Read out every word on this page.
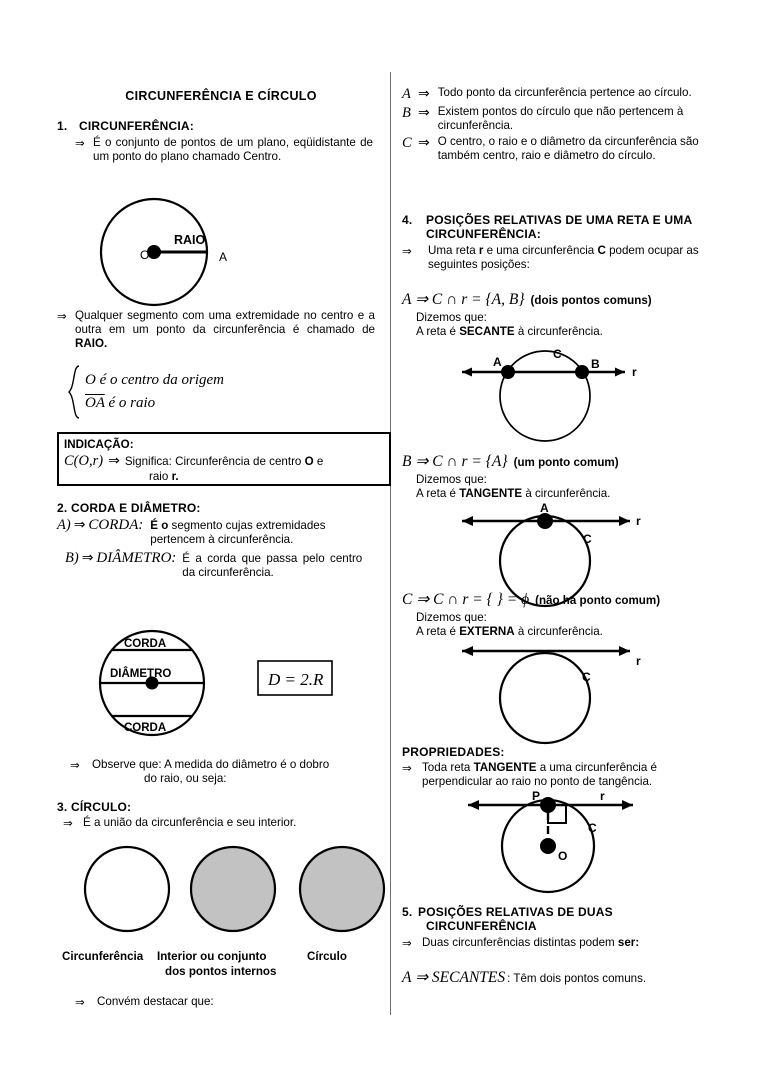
CIRCUNFERÊNCIA E CÍRCULO
1. CIRCUNFERÊNCIA:
⇒ É o conjunto de pontos de um plano, eqüidistante de um ponto do plano chamado Centro.
O
RAIO
A
⇒ Qualquer segmento com uma extremidade no centro e a outra em um ponto da circunferência é chamado de RAIO.
O é o centro da origem
$\overline{OA}$ é o raio
INDICAÇÃO:
C(O,r) ⇒ Significa: Circunferência de centro O e
raio r.
2. CORDA E DIÂMETRO:
A) ⇒ CORDA : É o segmento cujas extremidades pertencem à circunferência.
B) ⇒ DIÂMETRO : É a corda que passa pelo centro da circunferência.
CORDA
DIÂMETRO
CORDA
D = 2.R
⇒	Observe que: A medida do diâmetro é o dobro
do raio, ou seja:
3. CÍRCULO:
⇒ É a união da circunferência e seu interior.
Circunferência Interior ou conjunto
dos pontos internos
Círculo
⇒	Convém destacar que:
A ⇒ Todo ponto da circunferência pertence ao círculo.
B ⇒ Existem pontos do círculo que não pertencem à circunferência.
C ⇒ O centro, o raio e o diâmetro da circunferência são também centro, raio e diâmetro do círculo.
4.	POSIÇÕES RELATIVAS DE UMA RETA E UMA
CIRCUNFERÊNCIA:
⇒	Uma reta r e uma circunferência C podem ocupar as seguintes posições:
A ⇒ C ∩ r = {A, B} (dois pontos comuns)
Dizemos que:
A reta é SECANTE à circunferência.
A	B
C
r
B ⇒ C ∩ r = {A} (um ponto comum)
Dizemos que:
A reta é TANGENTE à circunferência.
A
C
r
C ⇒ C ∩ r = { } = ϕ (não há ponto comum)
Dizemos que:
A reta é EXTERNA à circunferência.
r
C
PROPRIEDADES:
⇒ Toda reta TANGENTE a uma circunferência é perpendicular ao raio no ponto de tangência.
P
O
C
r
5. POSIÇÕES RELATIVAS DE DUAS
CIRCUNFERÊNCIA
⇒ Duas circunferências distintas podem ser:
A ⇒ SECANTES : Têm dois pontos comuns.
